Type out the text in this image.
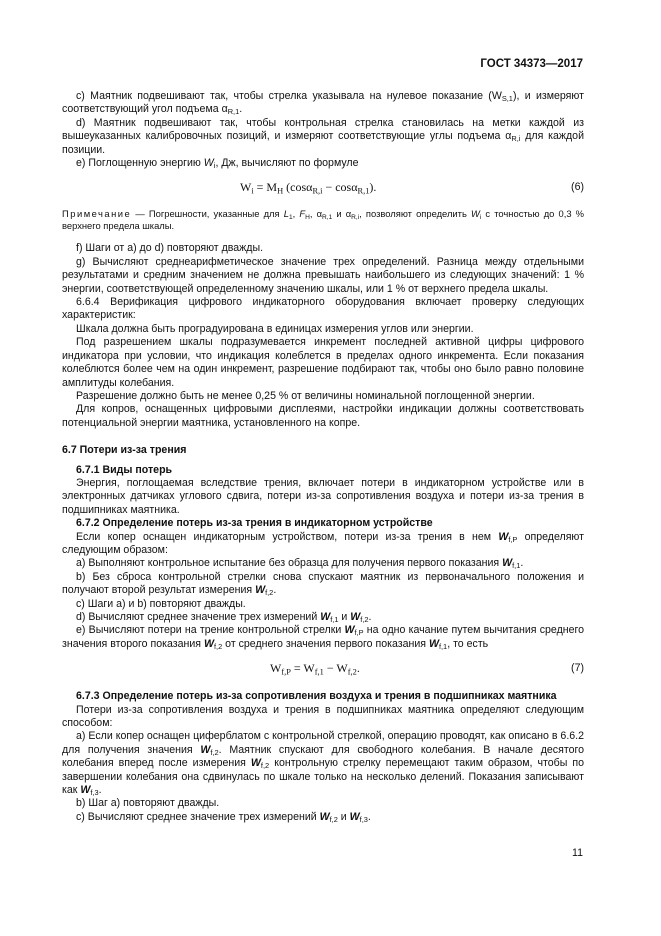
ГОСТ 34373—2017

с) Маятник подвешивают так, чтобы стрелка указывала на нулевое показание $(W_{S,1})$, и измеряют соответствующий угол подъема $\alpha_{R,1}$.

d) Маятник подвешивают так, чтобы контрольная стрелка становилась на метки каждой из вышеуказанных калибровочных позиций, и измеряют соответствующие углы подъема $\alpha_{R,i}$ для каждой позиции.

е) Поглощенную энергию $W_i$, Дж, вычисляют по формуле

$W_i = M_H$ (cosα$_{R,i}$ − cosα$_{R,1}$).	(6)

Примечание — Погрешности, указанные для $L_1$, $F_H$, $\alpha_{R,1}$ и $\alpha_{R,i}$, позволяют определить $W_i$ с точностью до 0,3 % верхнего предела шкалы.

f) Шаги от а) до d) повторяют дважды.

g) Вычисляют среднеарифметическое значение трех определений. Разница между отдельными результатами и средним значением не должна превышать наибольшего из следующих значений: 1 % энергии, соответствующей определенному значению шкалы, или 1 % от верхнего предела шкалы.

6.6.4 Верификация цифрового индикаторного оборудования включает проверку следующих характеристик:

Шкала должна быть проградуирована в единицах измерения углов или энергии.

Под разрешением шкалы подразумевается инкремент последней активной цифры цифрового индикатора при условии, что индикация колеблется в пределах одного инкремента. Если показания колеблются более чем на один инкремент, разрешение подбирают так, чтобы оно было равно половине амплитуды колебания.

Разрешение должно быть не менее 0,25 % от величины номинальной поглощенной энергии.

Для копров, оснащенных цифровыми дисплеями, настройки индикации должны соответствовать потенциальной энергии маятника, установленного на копре.

6.7 Потери из-за трения

6.7.1 Виды потерь

Энергия, поглощаемая вследствие трения, включает потери в индикаторном устройстве или в электронных датчиках углового сдвига, потери из-за сопротивления воздуха и потери из-за трения в подшипниках маятника.

6.7.2 Определение потерь из-за трения в индикаторном устройстве

Если копер оснащен индикаторным устройством, потери из-за трения в нем $W_{f,P}$ определяют следующим образом:

а) Выполняют контрольное испытание без образца для получения первого показания $W_{f,1}$.

b) Без сброса контрольной стрелки снова спускают маятник из первоначального положения и получают второй результат измерения $W_{f,2}$.

с) Шаги а) и b) повторяют дважды.

d) Вычисляют среднее значение трех измерений $W_{f,1}$ и $W_{f,2}$.

е) Вычисляют потери на трение контрольной стрелки $W_{f,P}$ на одно качание путем вычитания среднего значения второго показания $W_{f,2}$ от среднего значения первого показания $W_{f,1}$, то есть

$W_{f,P} = W_{f,1} - W_{f,2}$.	(7)

6.7.3 Определение потерь из-за сопротивления воздуха и трения в подшипниках маятника

Потери из-за сопротивления воздуха и трения в подшипниках маятника определяют следующим способом:

а) Если копер оснащен циферблатом с контрольной стрелкой, операцию проводят, как описано в 6.6.2 для получения значения $W_{f,2}$. Маятник спускают для свободного колебания. В начале десятого колебания вперед после измерения $W_{f,2}$ контрольную стрелку перемещают таким образом, чтобы по завершении колебания она сдвинулась по шкале только на несколько делений. Показания записывают как $W_{f,3}$.

b) Шаг а) повторяют дважды.

с) Вычисляют среднее значение трех измерений $W_{f,2}$ и $W_{f,3}$.

11
